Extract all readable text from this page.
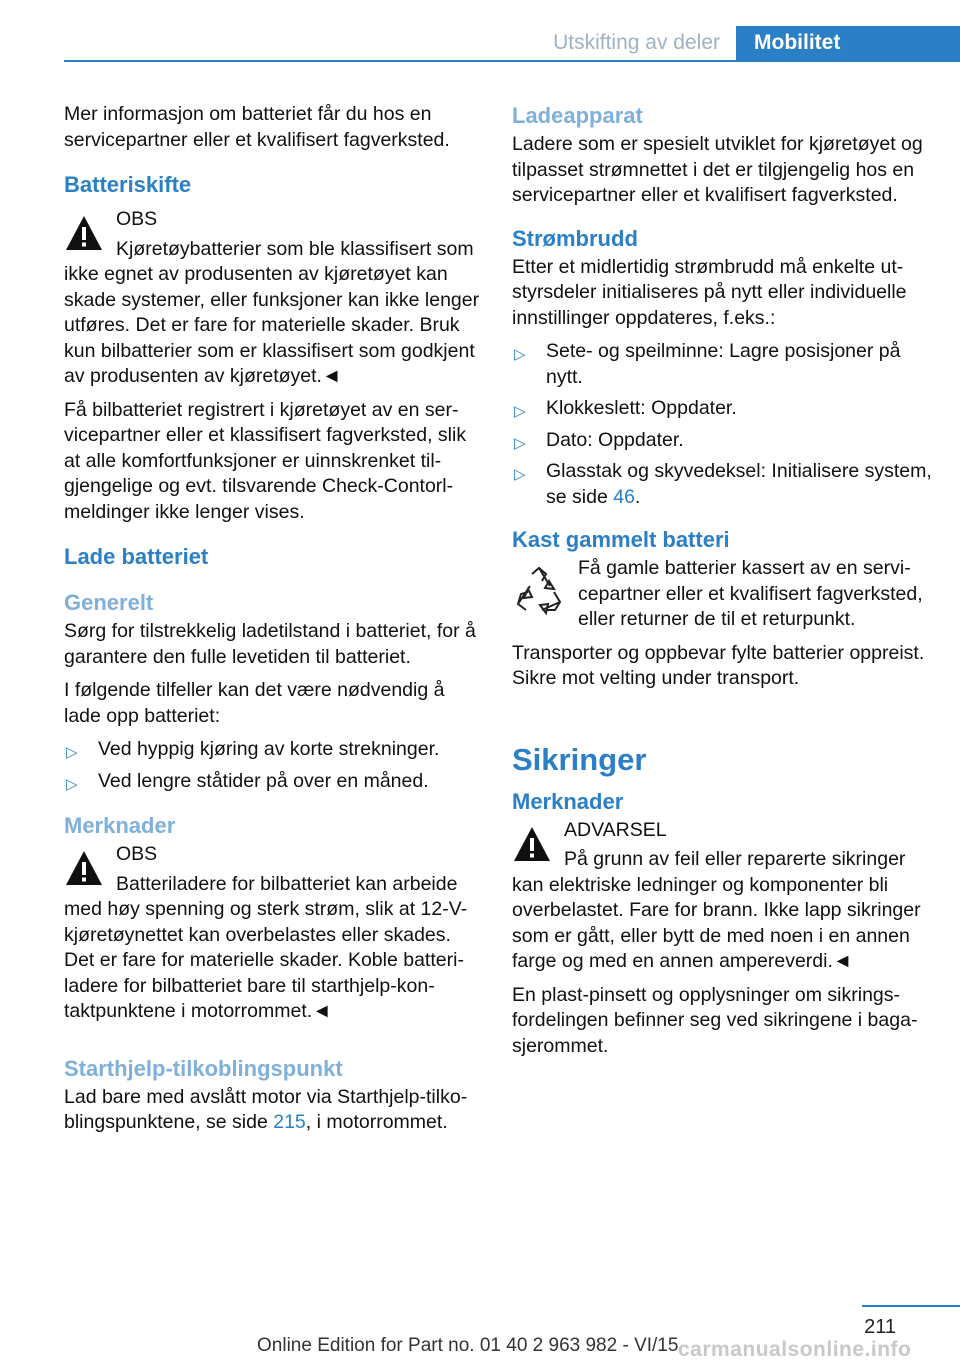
Utskifting av deler	Mobilitet

Mer informasjon om batteriet får du hos en servicepartner eller et kvalifisert fagverksted.

Batteriskifte
OBS
Kjøretøybatterier som ble klassifisert som ikke egnet av produsenten av kjøretøyet kan skade systemer, eller funksjoner kan ikke lenger utføres. Det er fare for materielle skader. Bruk kun bilbatterier som er klassifisert som godkjent av produsenten av kjøretøyet.◄

Få bilbatteriet registrert i kjøretøyet av en servicepartner eller et klassifisert fagverksted, slik at alle komfortfunksjoner er uinnskrenket tilgjengelige og evt. tilsvarende Check-Contorl-meldinger ikke lenger vises.

Lade batteriet
Generelt

Sørg for tilstrekkelig ladetilstand i batteriet, for å garantere den fulle levetiden til batteriet.

I følgende tilfeller kan det være nødvendig å lade opp batteriet:

▷ Ved hyppig kjøring av korte strekninger.
▷ Ved lengre ståtider på over en måned.
Merknader
OBS
Batteriladere for bilbatteriet kan arbeide med høy spenning og sterk strøm, slik at 12-V-kjøretøynettet kan overbelastes eller skades. Det er fare for materielle skader. Koble batteriladere for bilbatteriet bare til starthjelp-kontaktpunktene i motorrommet.◄
Starthjelp-tilkoblingspunkt

Lad bare med avslått motor via Starthjelp-tilkoblingspunktene, se side 215, i motorrommet.

Ladeapparat

Ladere som er spesielt utviklet for kjøretøyet og tilpasset strømnettet i det er tilgjengelig hos en servicepartner eller et kvalifisert fagverksted.

Strømbrudd

Etter et midlertidig strømbrudd må enkelte utstyrsdeler initialiseres på nytt eller individuelle innstillinger oppdateres, f.eks.:

▷ Sete- og speilminne: Lagre posisjoner på nytt.
▷ Klokkeslett: Oppdater.
▷ Dato: Oppdater.
▷ Glasstak og skyvedeksel: Initialisere system, se side 46.
Kast gammelt batteri
Få gamle batterier kassert av en servicepartner eller et kvalifisert fagverksted, eller returner de til et returpunkt.

Transporter og oppbevar fylte batterier oppreist. Sikre mot velting under transport.

Sikringer
Merknader
ADVARSEL
På grunn av feil eller reparerte sikringer kan elektriske ledninger og komponenter bli overbelastet. Fare for brann. Ikke lapp sikringer som er gått, eller bytt de med noen i en annen farge og med en annen ampereverdi.◄

En plast-pinsett og opplysninger om sikringsfordelingen befinner seg ved sikringene i bagasjerommet.

211
Online Edition for Part no. 01 40 2 963 982 - VI/15 carmanualsonline.info
